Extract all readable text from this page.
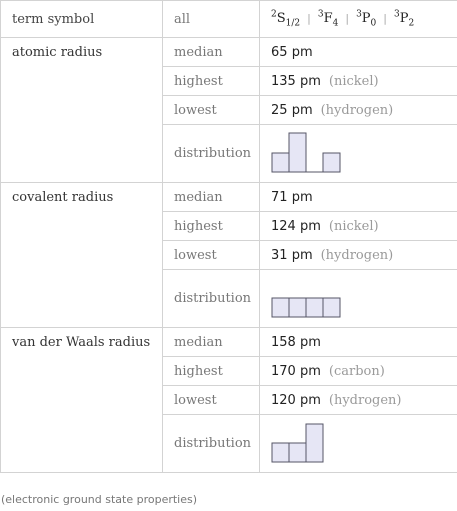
term symbol	all	$^2S_{1/2}$ | $^3F_4$ | $^3P_0$ | $^3P_2$
atomic radius	median	65 pm
	highest	135 pm (nickel)
	lowest	25 pm (hydrogen)
	distribution	

covalent radius	median	71 pm
	highest	124 pm (nickel)
	lowest	31 pm (hydrogen)
	distribution	

van der Waals radius	median	158 pm
	highest	170 pm (carbon)
	lowest	120 pm (hydrogen)
	distribution	
(electronic ground state properties)
